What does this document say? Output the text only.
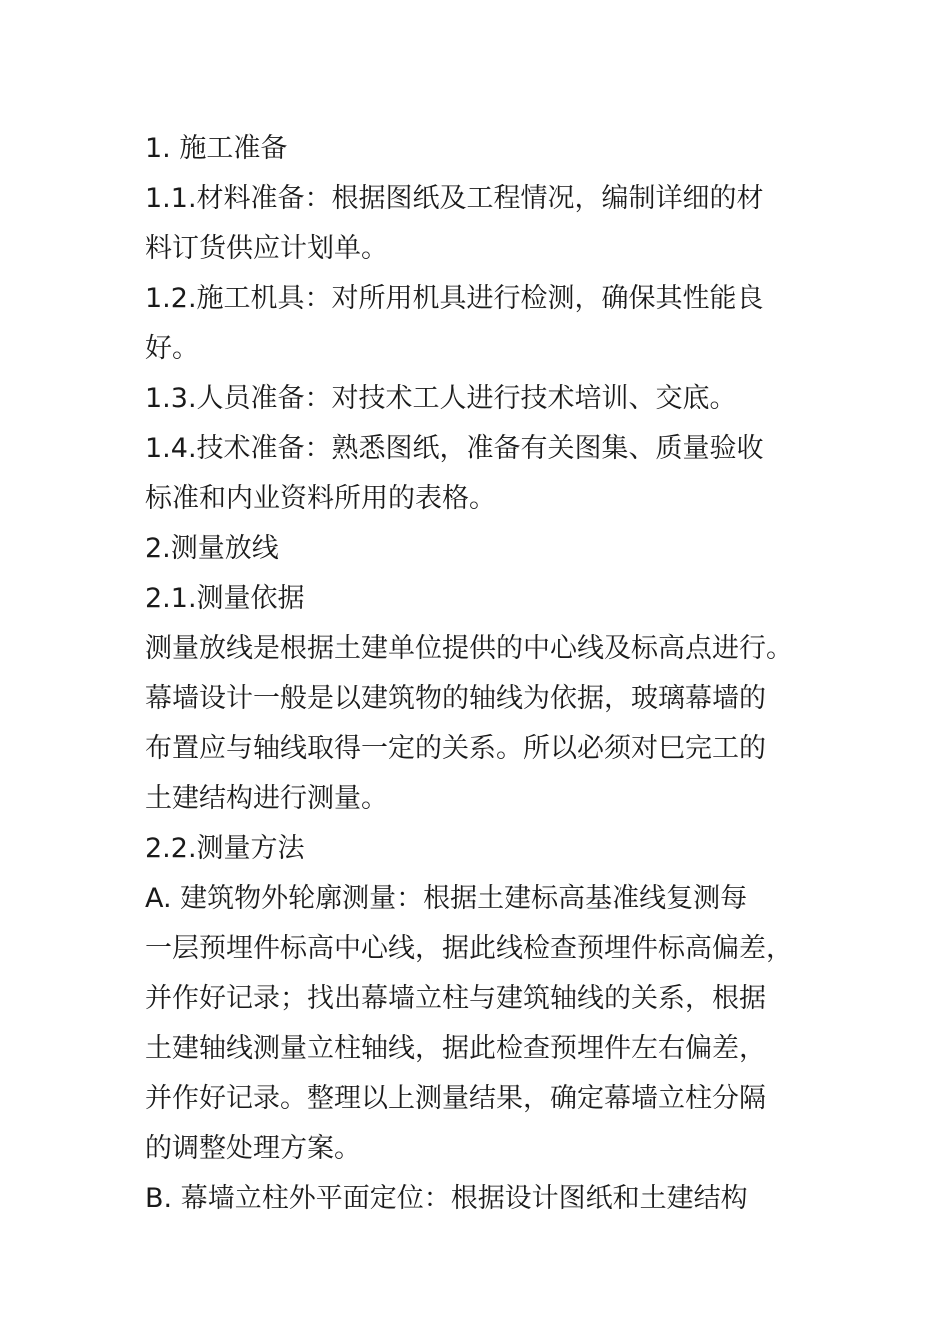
1. 施工准备

1.1.材料准备：根据图纸及工程情况，编制详细的材

料订货供应计划单。

1.2.施工机具：对所用机具进行检测，确保其性能良

好。

1.3.人员准备：对技术工人进行技术培训、交底。

1.4.技术准备：熟悉图纸，准备有关图集、质量验收

标准和内业资料所用的表格。

2.测量放线

2.1.测量依据

测量放线是根据土建单位提供的中心线及标高点进行。

幕墙设计一般是以建筑物的轴线为依据，玻璃幕墙的

布置应与轴线取得一定的关系。所以必须对巳完工的

土建结构进行测量。

2.2.测量方法

A. 建筑物外轮廓测量：根据土建标高基准线复测每

一层预埋件标高中心线，据此线检查预埋件标高偏差，

并作好记录；找出幕墙立柱与建筑轴线的关系，根据

土建轴线测量立柱轴线，据此检查预埋件左右偏差，

并作好记录。整理以上测量结果，确定幕墙立柱分隔

的调整处理方案。

B. 幕墙立柱外平面定位：根据设计图纸和土建结构
